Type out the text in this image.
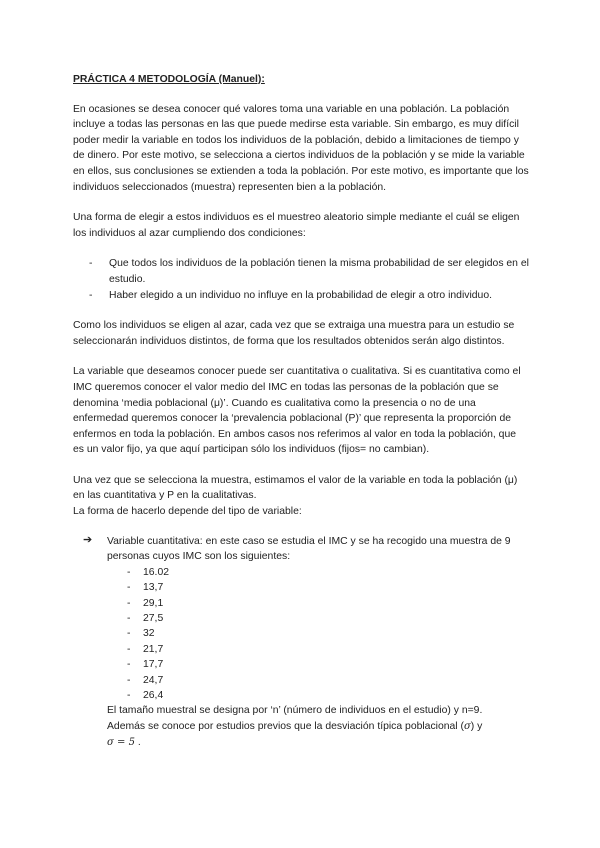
PRÁCTICA 4 METODOLOGÍA (Manuel):

En ocasiones se desea conocer qué valores toma una variable en una población. La población incluye a todas las personas en las que puede medirse esta variable. Sin embargo, es muy difícil poder medir la variable en todos los individuos de la población, debido a limitaciones de tiempo y de dinero. Por este motivo, se selecciona a ciertos individuos de la población y se mide la variable en ellos, sus conclusiones se extienden a toda la población. Por este motivo, es importante que los individuos seleccionados (muestra) representen bien a la población.

Una forma de elegir a estos individuos es el muestreo aleatorio simple mediante el cuál se eligen los individuos al azar cumpliendo dos condiciones:

- Que todos los individuos de la población tienen la misma probabilidad de ser elegidos en el estudio.
- Haber elegido a un individuo no influye en la probabilidad de elegir a otro individuo.

Como los individuos se eligen al azar, cada vez que se extraiga una muestra para un estudio se seleccionarán individuos distintos, de forma que los resultados obtenidos serán algo distintos.

La variable que deseamos conocer puede ser cuantitativa o cualitativa. Si es cuantitativa como el IMC queremos conocer el valor medio del IMC en todas las personas de la población que se denomina ‘media poblacional (μ)’. Cuando es cualitativa como la presencia o no de una enfermedad queremos conocer la ‘prevalencia poblacional (P)’ que representa la proporción de enfermos en toda la población. En ambos casos nos referimos al valor en toda la población, que es un valor fijo, ya que aquí participan sólo los individuos (fijos= no cambian).

Una vez que se selecciona la muestra, estimamos el valor de la variable en toda la población (μ) en las cuantitativa y P en la cualitativas.

La forma de hacerlo depende del tipo de variable:

➔ Variable cuantitativa: en este caso se estudia el IMC y se ha recogido una muestra de 9 personas cuyos IMC son los siguientes:
- 16.02
- 13,7
- 29,1
- 27,5
- 32
- 21,7
- 17,7
- 24,7
- 26,4

El tamaño muestral se designa por ‘n’ (número de individuos en el estudio) y n=9.

Además se conoce por estudios previos que la desviación típica poblacional (σ) y
σ = 5 .
